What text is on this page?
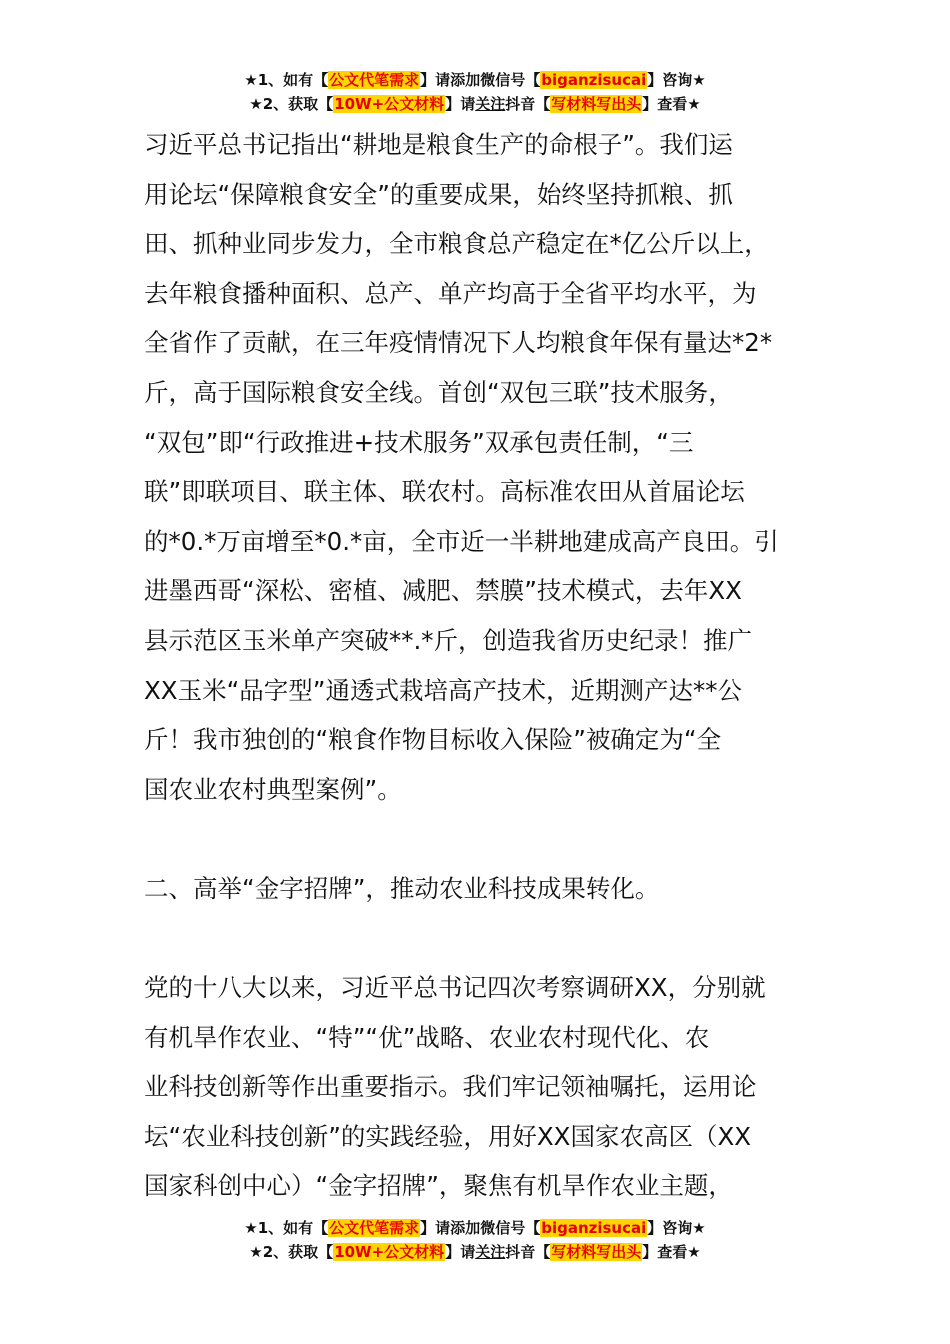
★1、如有【公文代笔需求】请添加微信号【biganzisucai】咨询★
★2、获取【10W+公文材料】请关注抖音【写材料写出头】查看★

习近平总书记指出“耕地是粮食生产的命根子”。我们运
用论坛“保障粮食安全”的重要成果，始终坚持抓粮、抓
田、抓种业同步发力，全市粮食总产稳定在*亿公斤以上，
去年粮食播种面积、总产、单产均高于全省平均水平，为
全省作了贡献，在三年疫情情况下人均粮食年保有量达*2*
斤，高于国际粮食安全线。首创“双包三联”技术服务，
“双包”即“行政推进+技术服务”双承包责任制，“三
联”即联项目、联主体、联农村。高标准农田从首届论坛
的*0.*万亩增至*0.*亩，全市近一半耕地建成高产良田。引
进墨西哥“深松、密植、减肥、禁膜”技术模式，去年XX
县示范区玉米单产突破**.*斤，创造我省历史纪录！推广
XX玉米“品字型”通透式栽培高产技术，近期测产达**公
斤！我市独创的“粮食作物目标收入保险”被确定为“全
国农业农村典型案例”。

二、高举“金字招牌”，推动农业科技成果转化。

党的十八大以来，习近平总书记四次考察调研XX，分别就
有机旱作农业、“特”“优”战略、农业农村现代化、农
业科技创新等作出重要指示。我们牢记领袖嘱托，运用论
坛“农业科技创新”的实践经验，用好XX国家农高区（XX
国家科创中心）“金字招牌”，聚焦有机旱作农业主题，

★1、如有【公文代笔需求】请添加微信号【biganzisucai】咨询★
★2、获取【10W+公文材料】请关注抖音【写材料写出头】查看★
